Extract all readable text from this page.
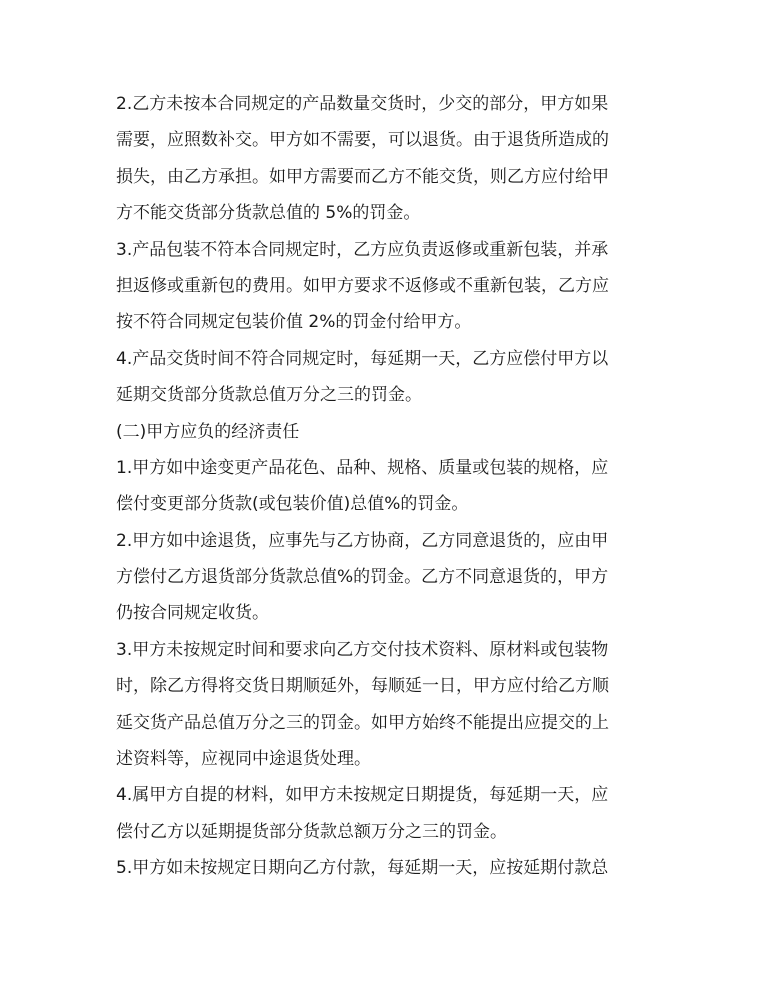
2.乙方未按本合同规定的产品数量交货时，少交的部分，甲方如果
需要，应照数补交。甲方如不需要，可以退货。由于退货所造成的
损失，由乙方承担。如甲方需要而乙方不能交货，则乙方应付给甲
方不能交货部分货款总值的 5%的罚金。
3.产品包装不符本合同规定时，乙方应负责返修或重新包装，并承
担返修或重新包的费用。如甲方要求不返修或不重新包装，乙方应
按不符合同规定包装价值 2%的罚金付给甲方。
4.产品交货时间不符合同规定时，每延期一天，乙方应偿付甲方以
延期交货部分货款总值万分之三的罚金。
(二)甲方应负的经济责任
1.甲方如中途变更产品花色、品种、规格、质量或包装的规格，应
偿付变更部分货款(或包装价值)总值%的罚金。
2.甲方如中途退货，应事先与乙方协商，乙方同意退货的，应由甲
方偿付乙方退货部分货款总值%的罚金。乙方不同意退货的，甲方
仍按合同规定收货。
3.甲方未按规定时间和要求向乙方交付技术资料、原材料或包装物
时，除乙方得将交货日期顺延外，每顺延一日，甲方应付给乙方顺
延交货产品总值万分之三的罚金。如甲方始终不能提出应提交的上
述资料等，应视同中途退货处理。
4.属甲方自提的材料，如甲方未按规定日期提货，每延期一天，应
偿付乙方以延期提货部分货款总额万分之三的罚金。
5.甲方如未按规定日期向乙方付款，每延期一天，应按延期付款总
